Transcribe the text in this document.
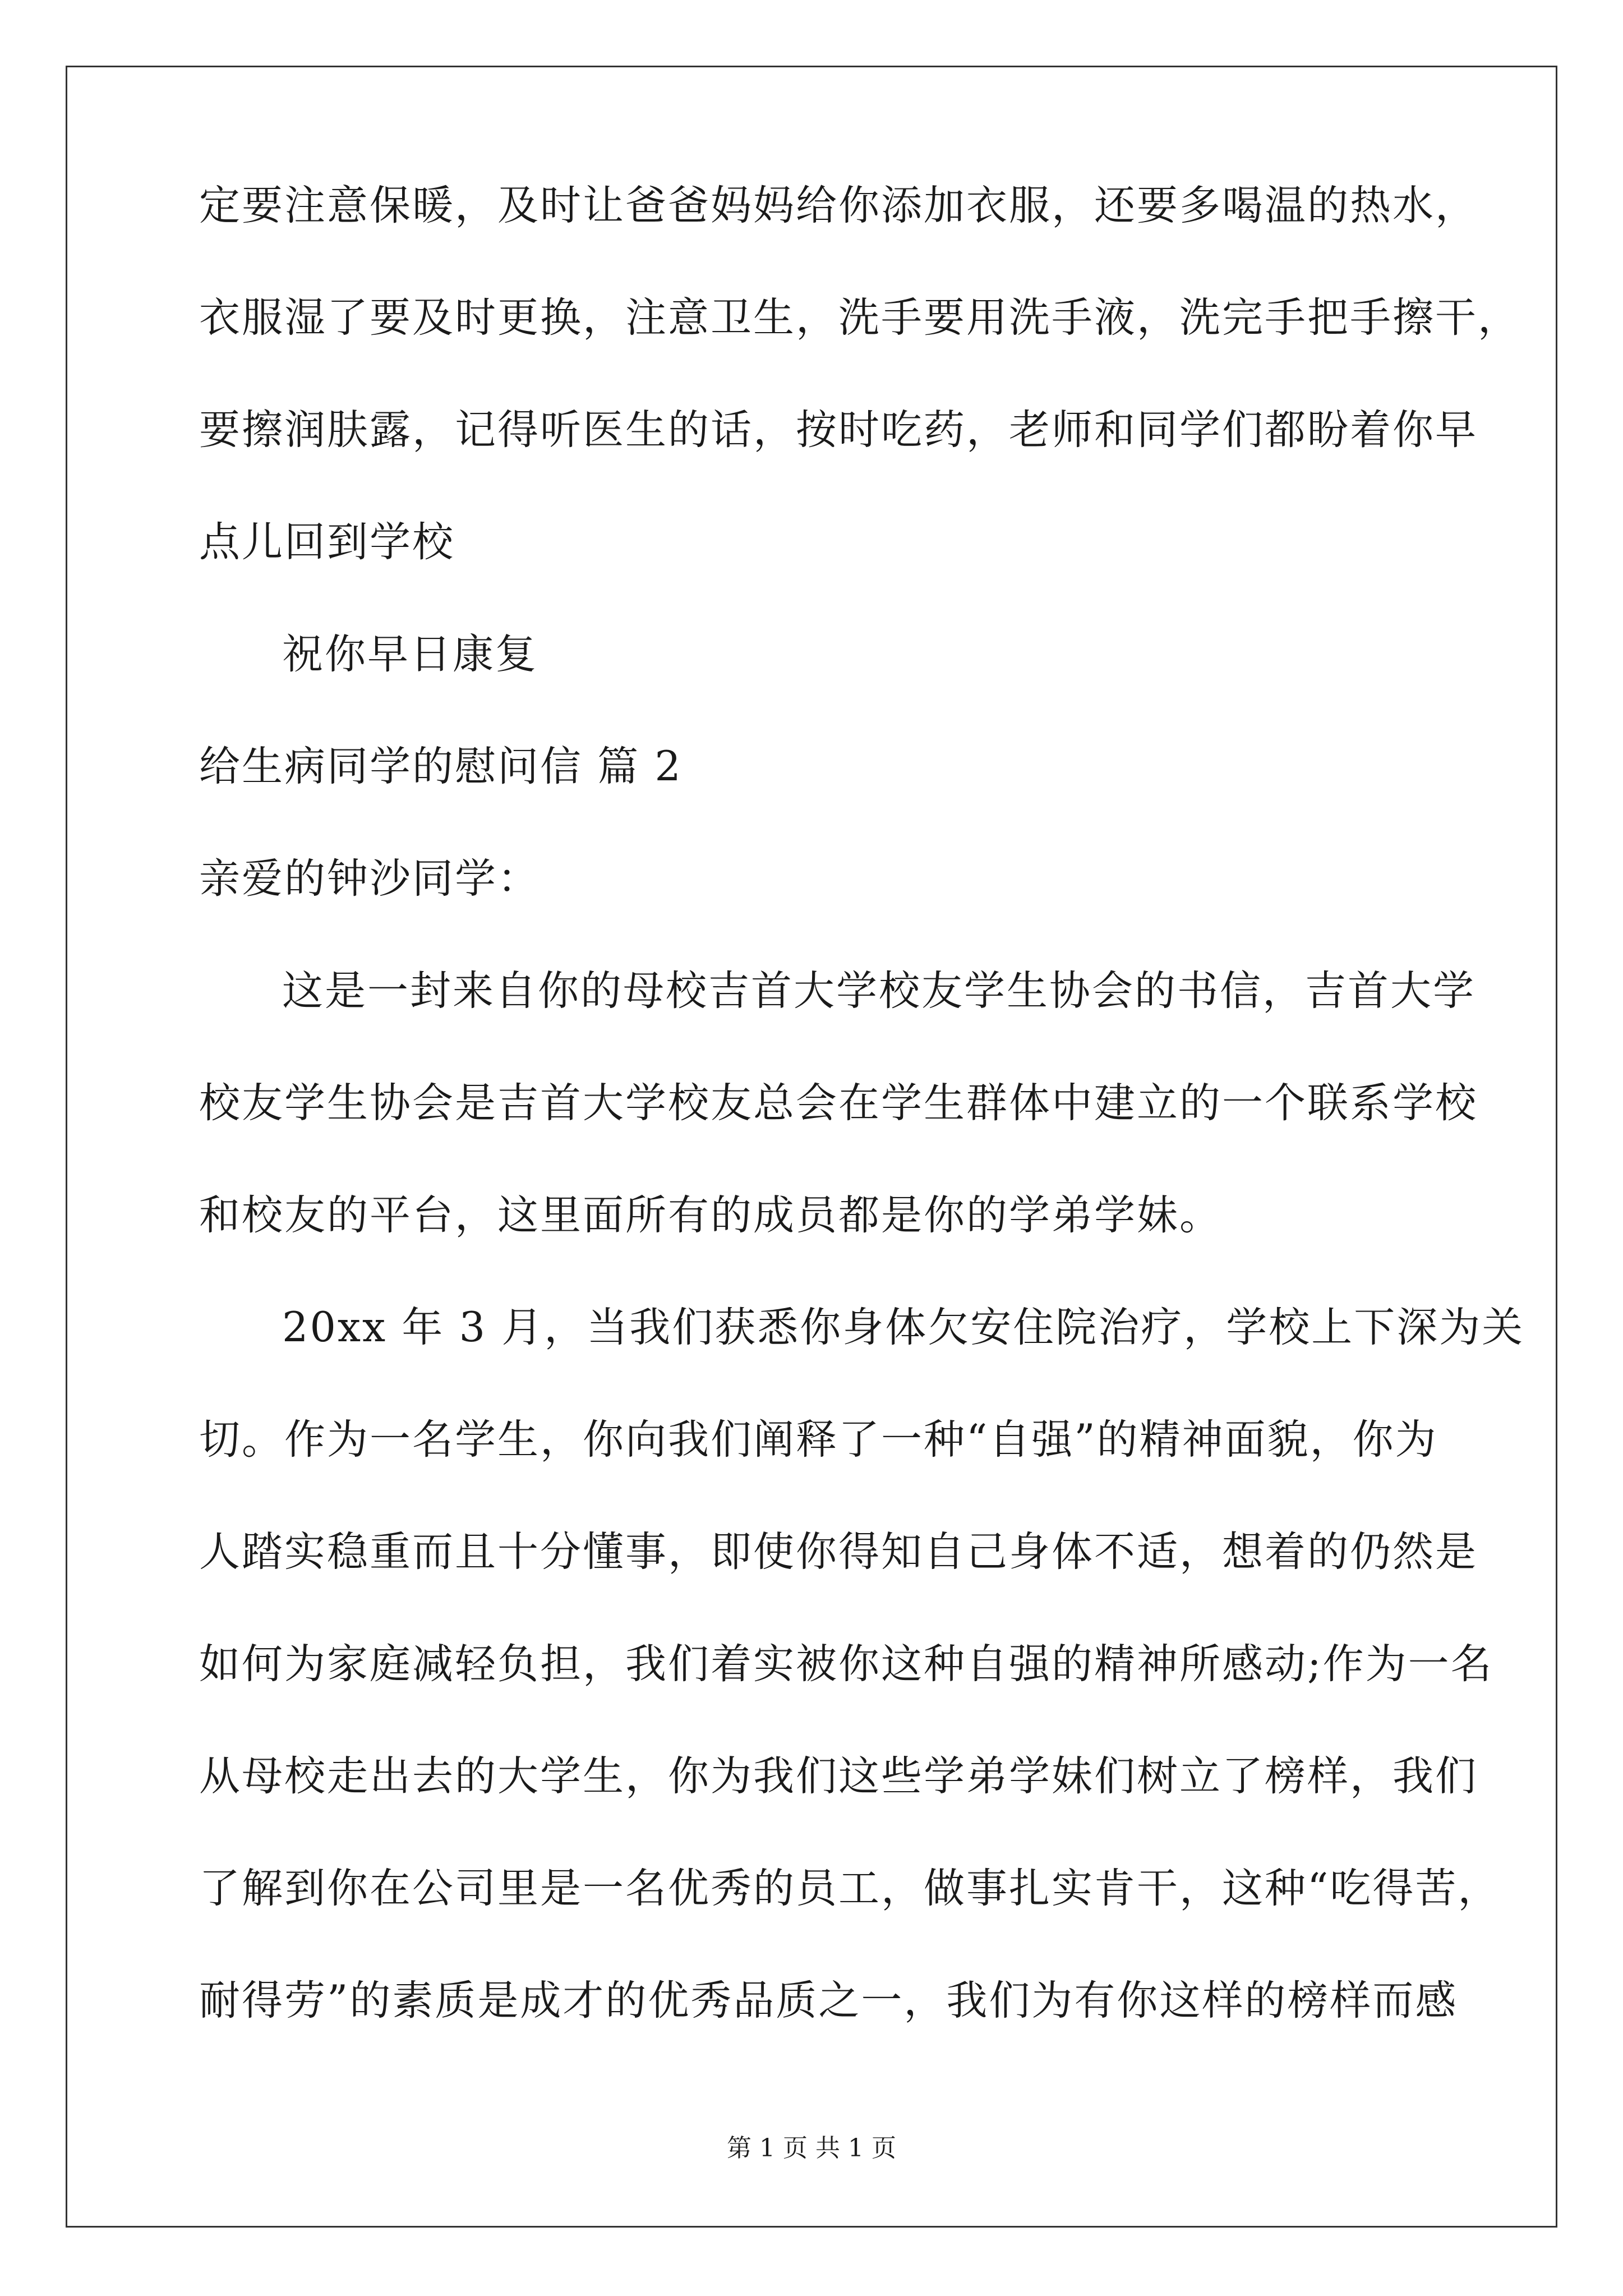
定要注意保暖，及时让爸爸妈妈给你添加衣服，还要多喝温的热水，
衣服湿了要及时更换，注意卫生，洗手要用洗手液，洗完手把手擦干，
要擦润肤露，记得听医生的话，按时吃药，老师和同学们都盼着你早
点儿回到学校
祝你早日康复
给生病同学的慰问信 篇 2
亲爱的钟沙同学：
这是一封来自你的母校吉首大学校友学生协会的书信，吉首大学
校友学生协会是吉首大学校友总会在学生群体中建立的一个联系学校
和校友的平台，这里面所有的成员都是你的学弟学妹。
20xx 年 3 月，当我们获悉你身体欠安住院治疗，学校上下深为关
切。作为一名学生，你向我们阐释了一种“自强”的精神面貌，你为
人踏实稳重而且十分懂事，即使你得知自己身体不适，想着的仍然是
如何为家庭减轻负担，我们着实被你这种自强的精神所感动;作为一名
从母校走出去的大学生，你为我们这些学弟学妹们树立了榜样，我们
了解到你在公司里是一名优秀的员工，做事扎实肯干，这种“吃得苦，
耐得劳”的素质是成才的优秀品质之一，我们为有你这样的榜样而感
第 1 页 共 1 页
